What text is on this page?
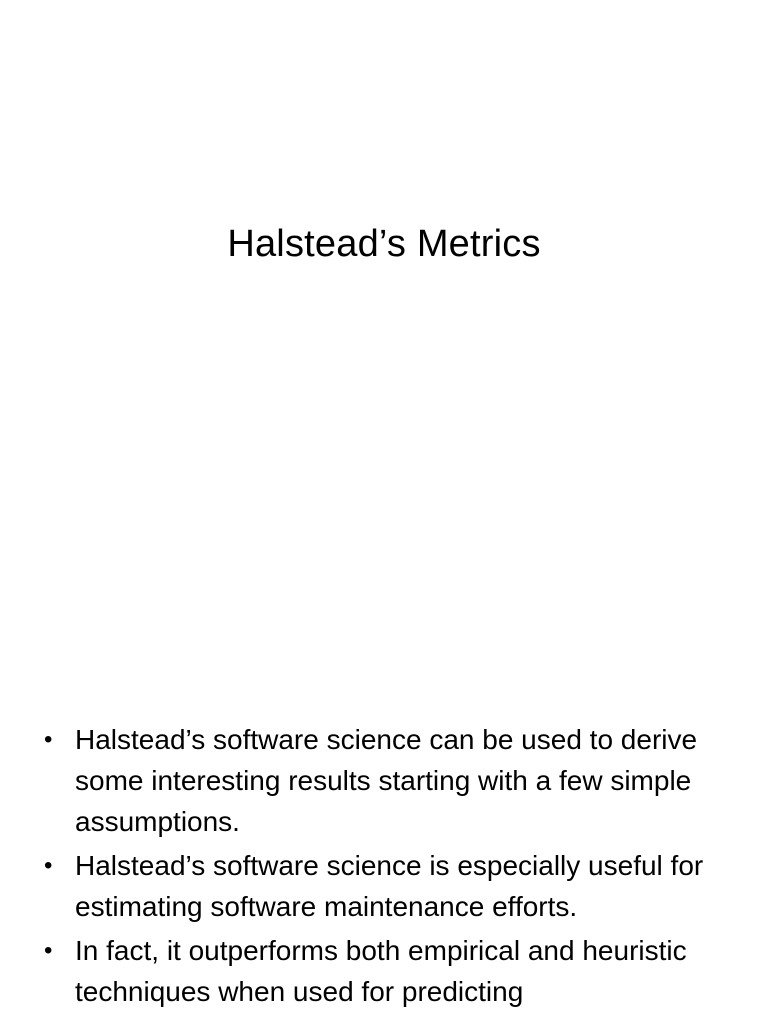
Halstead’s Metrics
• Halstead’s software science can be used to derive some interesting results starting with a few simple assumptions.
• Halstead’s software science is especially useful for estimating software maintenance efforts.
• In fact, it outperforms both empirical and heuristic techniques when used for predicting
